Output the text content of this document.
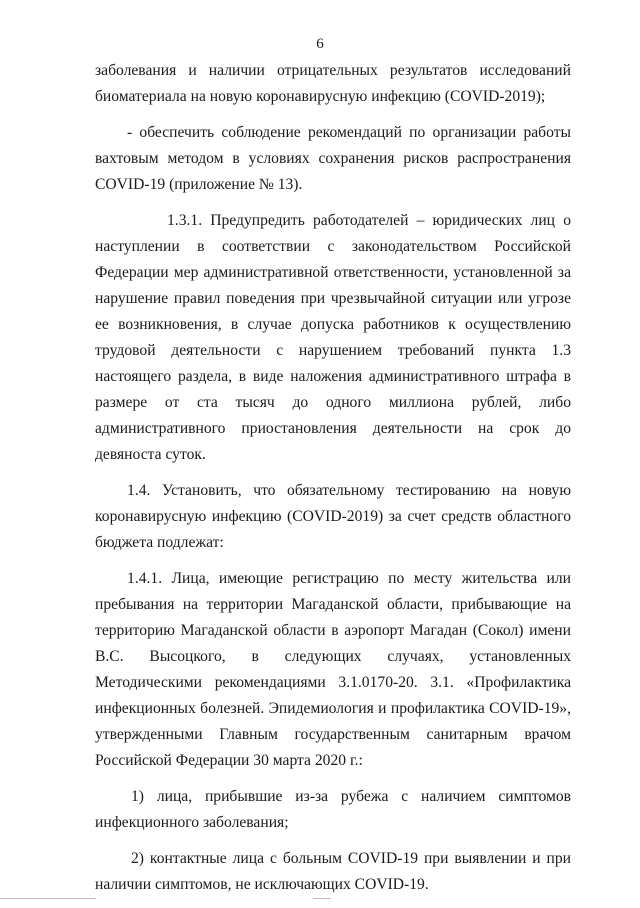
6

заболевания и наличии отрицательных результатов исследований биоматериала на новую коронавирусную инфекцию (COVID-2019);

- обеспечить соблюдение рекомендаций по организации работы вахтовым методом в условиях сохранения рисков распространения COVID-19 (приложение № 13).

1.3.1. Предупредить работодателей – юридических лиц о наступлении в соответствии с законодательством Российской Федерации мер административной ответственности, установленной за нарушение правил поведения при чрезвычайной ситуации или угрозе ее возникновения, в случае допуска работников к осуществлению трудовой деятельности с нарушением требований пункта 1.3 настоящего раздела, в виде наложения административного штрафа в размере от ста тысяч до одного миллиона рублей, либо административного приостановления деятельности на срок до девяноста суток.

1.4. Установить, что обязательному тестированию на новую коронавирусную инфекцию (COVID-2019) за счет средств областного бюджета подлежат:

1.4.1. Лица, имеющие регистрацию по месту жительства или пребывания на территории Магаданской области, прибывающие на территорию Магаданской области в аэропорт Магадан (Сокол) имени В.С. Высоцкого, в следующих случаях, установленных Методическими рекомендациями 3.1.0170-20. 3.1. «Профилактика инфекционных болезней. Эпидемиология и профилактика COVID-19», утвержденными Главным государственным санитарным врачом Российской Федерации 30 марта 2020 г.:

1) лица, прибывшие из-за рубежа с наличием симптомов инфекционного заболевания;

2) контактные лица с больным COVID-19 при выявлении и при наличии симптомов, не исключающих COVID-19.
